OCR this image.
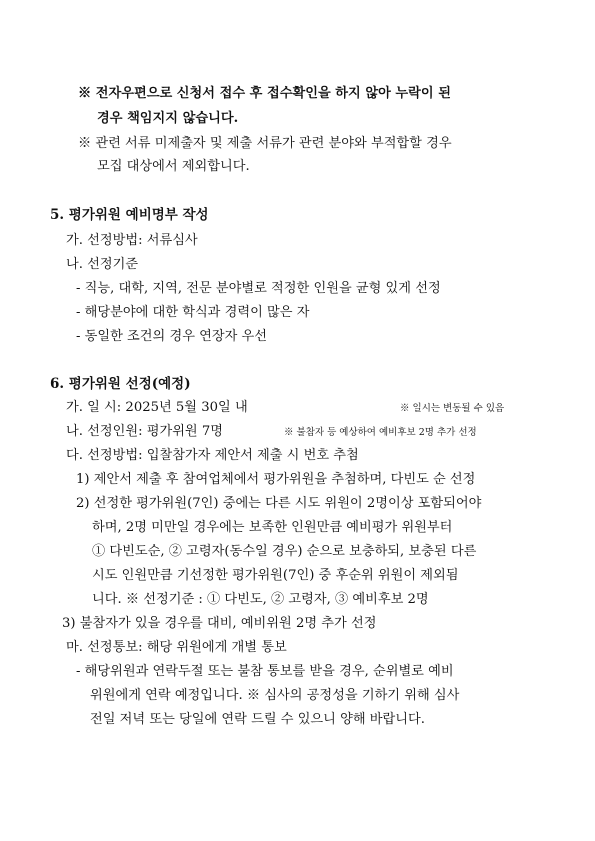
※ 전자우편으로 신청서 접수 후 접수확인을 하지 않아 누락이 된
경우 책임지지 않습니다.
※ 관련 서류 미제출자 및 제출 서류가 관련 분야와 부적합할 경우
모집 대상에서 제외합니다.
5. 평가위원 예비명부 작성
가. 선정방법: 서류심사
나. 선정기준
- 직능, 대학, 지역, 전문 분야별로 적정한 인원을 균형 있게 선정
- 해당분야에 대한 학식과 경력이 많은 자
- 동일한 조건의 경우 연장자 우선
6. 평가위원 선정(예정)
가. 일 시: 2025년 5월 30일 내	※ 일시는 변동될 수 있음
나. 선정인원: 평가위원 7명	※ 불참자 등 예상하여 예비후보 2명 추가 선정
다. 선정방법: 입찰참가자 제안서 제출 시 번호 추첨
1) 제안서 제출 후 참여업체에서 평가위원을 추첨하며, 다빈도 순 선정
2) 선정한 평가위원(7인) 중에는 다른 시도 위원이 2명이상 포함되어야
하며, 2명 미만일 경우에는 보족한 인원만큼 예비평가 위원부터
① 다빈도순, ② 고령자(동수일 경우) 순으로 보충하되, 보충된 다른
시도 인원만큼 기선정한 평가위원(7인) 중 후순위 위원이 제외됨
니다. ※ 선정기준 : ① 다빈도, ② 고령자, ③ 예비후보 2명
3) 불참자가 있을 경우를 대비, 예비위원 2명 추가 선정
마. 선정통보: 해당 위원에게 개별 통보
- 해당위원과 연락두절 또는 불참 통보를 받을 경우, 순위별로 예비
위원에게 연락 예정입니다. ※ 심사의 공정성을 기하기 위해 심사
전일 저녁 또는 당일에 연락 드릴 수 있으니 양해 바랍니다.
